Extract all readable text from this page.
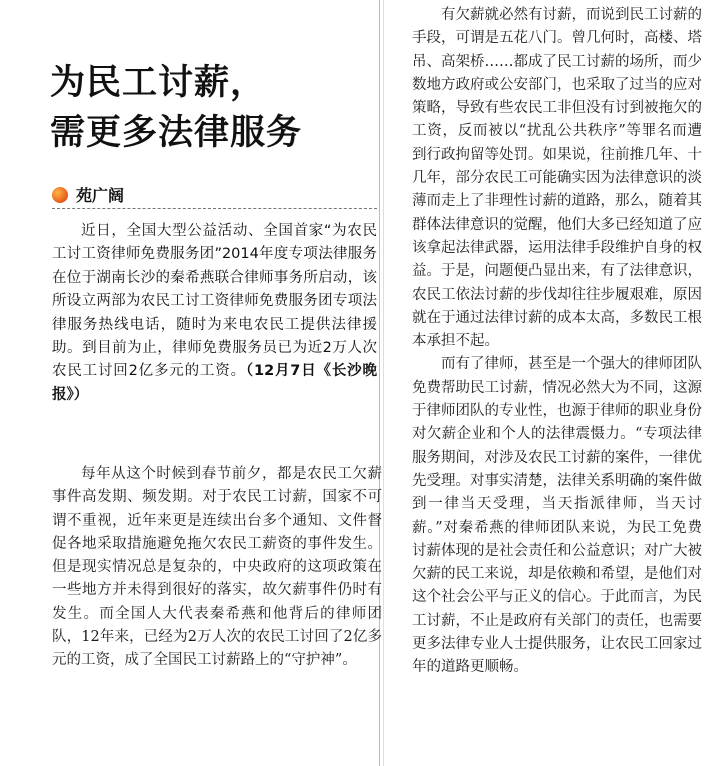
为民工讨薪，
需更多法律服务
苑广阔

近日，全国大型公益活动、全国首家“为农民工讨工资律师免费服务团”2014年度专项法律服务在位于湖南长沙的秦希燕联合律师事务所启动，该所设立两部为农民工讨工资律师免费服务团专项法律服务热线电话，随时为来电农民工提供法律援助。到目前为止，律师免费服务员已为近2万人次农民工讨回2亿多元的工资。（12月7日《长沙晚报》）

每年从这个时候到春节前夕，都是农民工欠薪事件高发期、频发期。对于农民工讨薪，国家不可谓不重视，近年来更是连续出台多个通知、文件督促各地采取措施避免拖欠农民工薪资的事件发生。但是现实情况总是复杂的，中央政府的这项政策在一些地方并未得到很好的落实，故欠薪事件仍时有发生。而全国人大代表秦希燕和他背后的律师团队，12年来，已经为2万人次的农民工讨回了2亿多元的工资，成了全国民工讨薪路上的“守护神”。

有欠薪就必然有讨薪，而说到民工讨薪的手段，可谓是五花八门。曾几何时，高楼、塔吊、高架桥……都成了民工讨薪的场所，而少数地方政府或公安部门，也采取了过当的应对策略，导致有些农民工非但没有讨到被拖欠的工资，反而被以“扰乱公共秩序”等罪名而遭到行政拘留等处罚。如果说，往前推几年、十几年，部分农民工可能确实因为法律意识的淡薄而走上了非理性讨薪的道路，那么，随着其群体法律意识的觉醒，他们大多已经知道了应该拿起法律武器，运用法律手段维护自身的权益。于是，问题便凸显出来，有了法律意识，农民工依法讨薪的步伐却往往步履艰难，原因就在于通过法律讨薪的成本太高，多数民工根本承担不起。

而有了律师，甚至是一个强大的律师团队免费帮助民工讨薪，情况必然大为不同，这源于律师团队的专业性，也源于律师的职业身份对欠薪企业和个人的法律震慑力。“专项法律服务期间，对涉及农民工讨薪的案件，一律优先受理。对事实清楚，法律关系明确的案件做到一律当天受理，当天指派律师，当天讨薪。”对秦希燕的律师团队来说，为民工免费讨薪体现的是社会责任和公益意识；对广大被欠薪的民工来说，却是依赖和希望，是他们对这个社会公平与正义的信心。于此而言，为民工讨薪，不止是政府有关部门的责任，也需要更多法律专业人士提供服务，让农民工回家过年的道路更顺畅。
